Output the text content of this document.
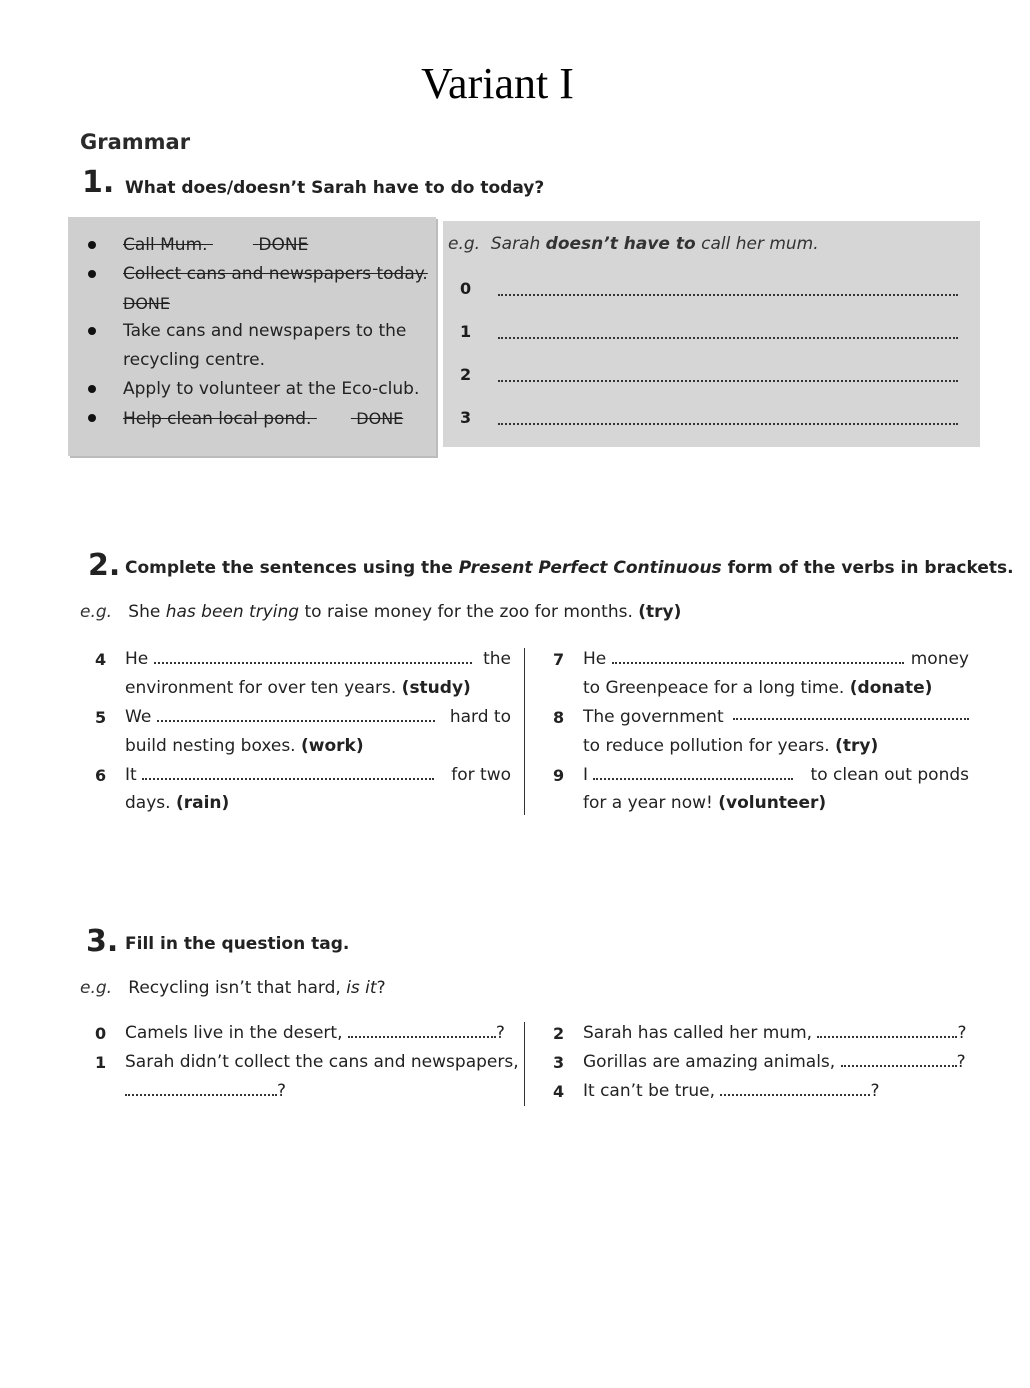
Variant I
Grammar
1. What does/doesn’t Sarah have to do today?
Call Mum.	DONE
Collect cans and newspapers today.
DONE
Take cans and newspapers to the
recycling centre.
Apply to volunteer at the Eco-club.
Help clean local pond.	DONE
e.g. Sarah doesn’t have to call her mum.
0
1
2
3
2. Complete the sentences using the Present Perfect Continuous form of the verbs in brackets.
e.g. She has been trying to raise money for the zoo for months. (try)
4 He	the
environment for over ten years. (study)
5 We	hard to
build nesting boxes. (work)
6 It	for two
days. (rain)
7 He	money
to Greenpeace for a long time. (donate)
8 The government
to reduce pollution for years. (try)
9 I	to clean out ponds
for a year now! (volunteer)
3. Fill in the question tag.
e.g. Recycling isn’t that hard, is it?
0 Camels live in the desert,	?
1 Sarah didn’t collect the cans and newspapers,
?
2 Sarah has called her mum,	?
3 Gorillas are amazing animals,	?
4 It can’t be true,	?
